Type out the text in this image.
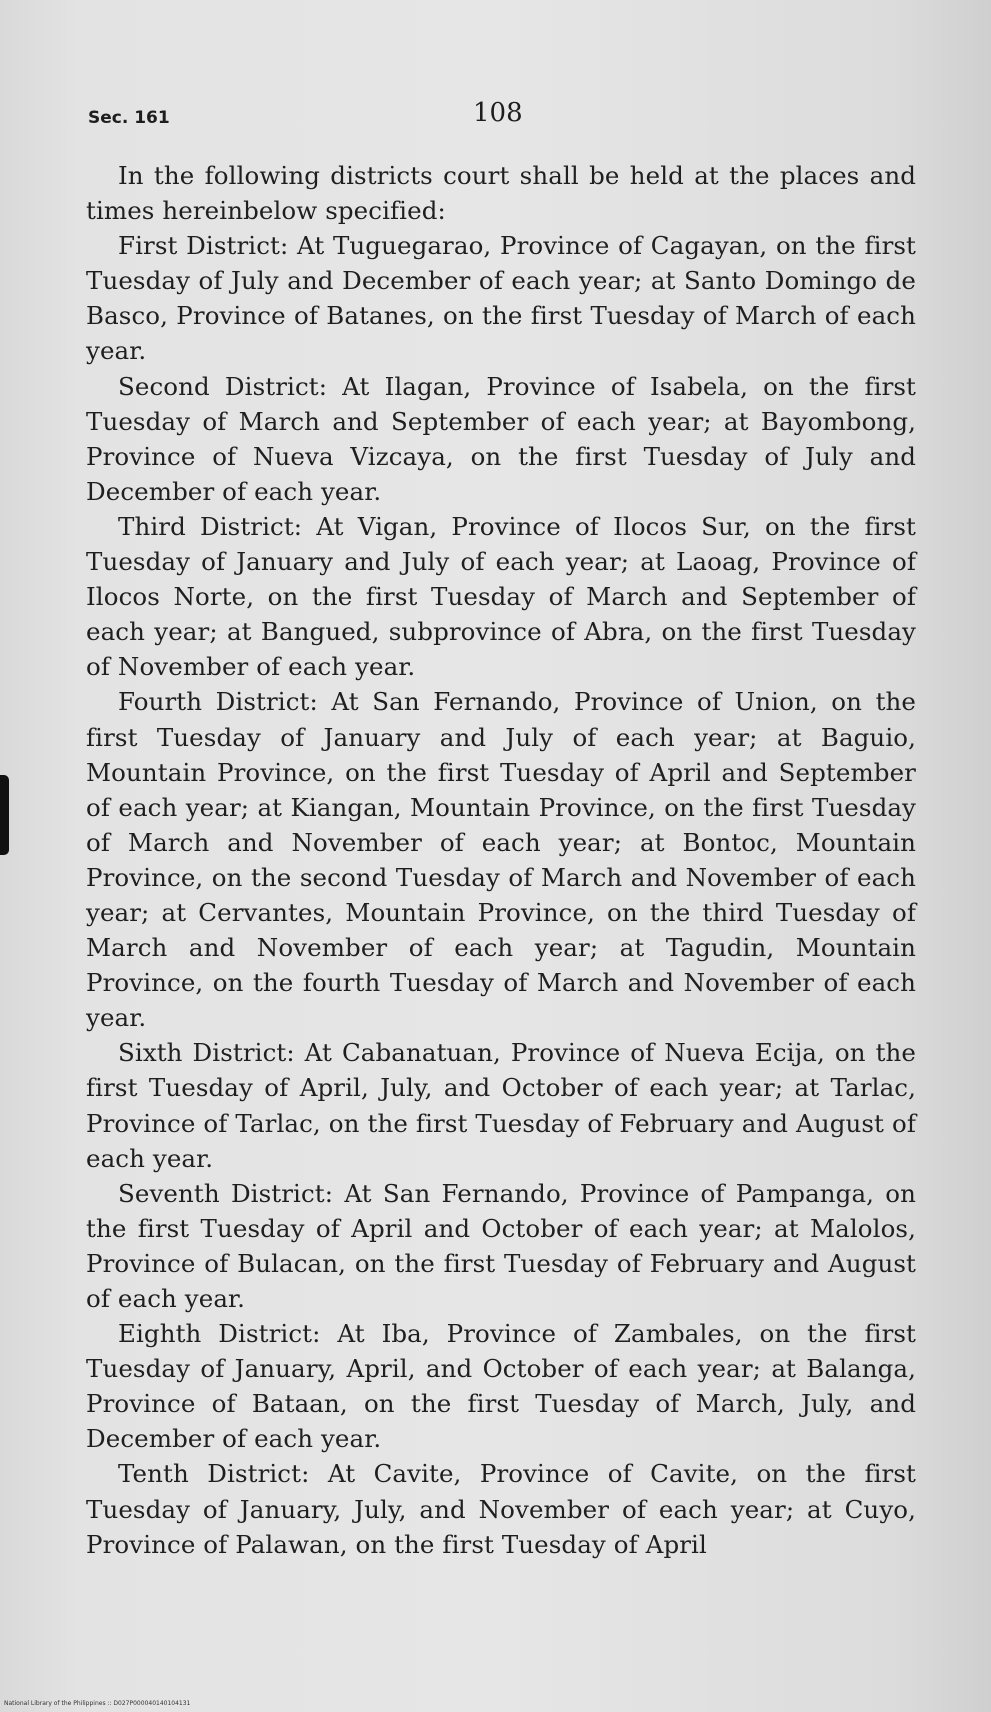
Sec. 161	108

In the following districts court shall be held at the places and times hereinbelow specified:

First District: At Tuguegarao, Province of Cagayan, on the first Tuesday of July and December of each year; at Santo Domingo de Basco, Province of Batanes, on the first Tuesday of March of each year.

Second District: At Ilagan, Province of Isabela, on the first Tuesday of March and September of each year; at Bayombong, Province of Nueva Vizcaya, on the first Tuesday of July and December of each year.

Third District: At Vigan, Province of Ilocos Sur, on the first Tuesday of January and July of each year; at Laoag, Province of Ilocos Norte, on the first Tuesday of March and September of each year; at Bangued, subprovince of Abra, on the first Tuesday of November of each year.

Fourth District: At San Fernando, Province of Union, on the first Tuesday of January and July of each year; at Baguio, Mountain Province, on the first Tuesday of April and September of each year; at Kiangan, Mountain Province, on the first Tuesday of March and November of each year; at Bontoc, Mountain Province, on the second Tuesday of March and November of each year; at Cervantes, Mountain Province, on the third Tuesday of March and November of each year; at Tagudin, Mountain Province, on the fourth Tuesday of March and November of each year.

Sixth District: At Cabanatuan, Province of Nueva Ecija, on the first Tuesday of April, July, and October of each year; at Tarlac, Province of Tarlac, on the first Tuesday of February and August of each year.

Seventh District: At San Fernando, Province of Pampanga, on the first Tuesday of April and October of each year; at Malolos, Province of Bulacan, on the first Tuesday of February and August of each year.

Eighth District: At Iba, Province of Zambales, on the first Tuesday of January, April, and October of each year; at Balanga, Province of Bataan, on the first Tuesday of March, July, and December of each year.

Tenth District: At Cavite, Province of Cavite, on the first Tuesday of January, July, and November of each year; at Cuyo, Province of Palawan, on the first Tuesday of April

National Library of the Philippines :: D027P000040140104131
